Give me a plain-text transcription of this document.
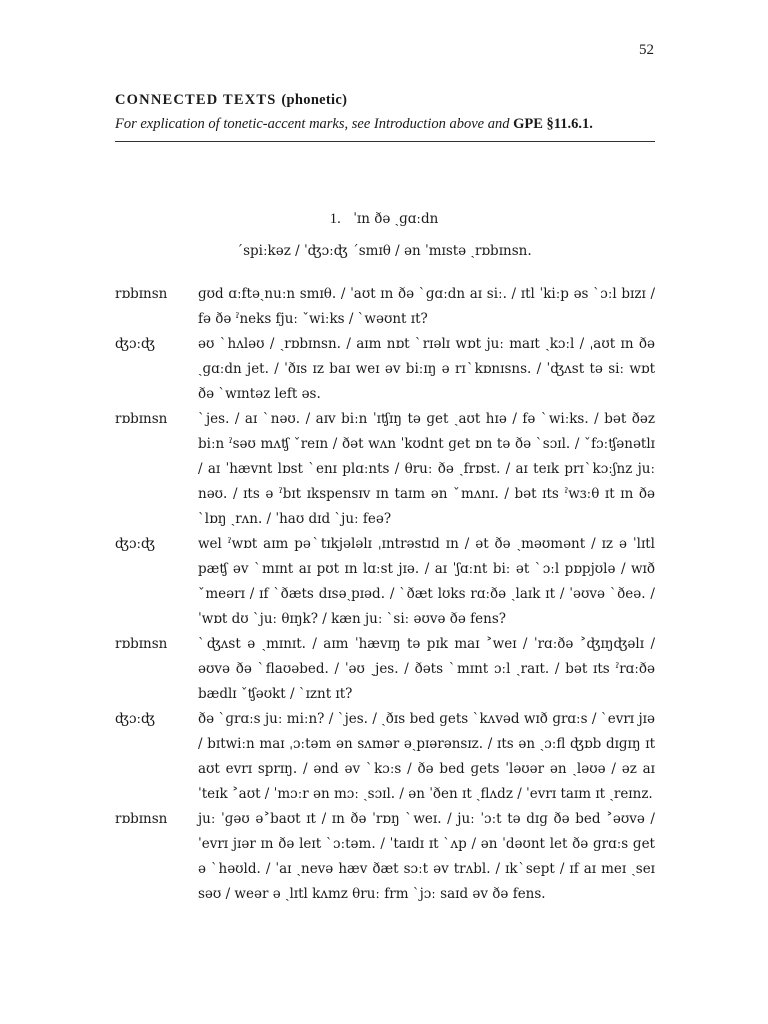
52
CONNECTED TEXTS (phonetic)
For explication of tonetic-accent marks, see Introduction above and GPE §11.6.1.
1. ˈɪn ðə ˏɡɑːdn
ˊspiːkəz / ˈʤɔːʤ ˊsmɪθ / ən ˈmɪstə ˏrɒbɪnsn.
rɒbɪnsn	ɡʊd ɑːftəˏnuːn smɪθ. / ˈaʊt ɪn ðə ˋɡɑːdn aɪ siː. / ɪtl ˈkiːp əs ˋɔːl bɪzɪ / fə ðə ˀneks fjuː ˇwiːks / ˋwəʊnt ɪt?
ʤɔːʤ	əʊ ˋhʌləʊ / ˏrɒbɪnsn. / aɪm nɒt ˋrɪəlɪ wɒt juː maɪt ˏkɔːl / ˌaʊt ɪn ðə ˏɡɑːdn jet. / ˈðɪs ɪz baɪ weɪ əv biːɪŋ ə rɪˋkɒnɪsns. / ˈʤʌst tə siː wɒt ðə ˋwɪntəz left əs.
rɒbɪnsn	ˋjes. / aɪ ˋnəʊ. / aɪv biːn ˈɪʧɪŋ tə ɡet ˏaʊt hɪə / fə ˋwiːks. / bət ðəz biːn ˀsəʊ mʌʧ ˇreɪn / ðət wʌn ˈkʊdnt ɡet ɒn tə ðə ˋsɔɪl. / ˇfɔːʧənətlɪ / aɪ ˈhævnt lɒst ˋenɪ plɑːnts / θruː ðə ˏfrɒst. / aɪ teɪk prɪˋkɔːʃnz juː nəʊ. / ɪts ə ˀbɪt ɪkspensɪv ɪn taɪm ən ˇmʌnɪ. / bət ɪts ˀwɜːθ ɪt ɪn ðə ˋlɒŋ ˏrʌn. / ˈhaʊ dɪd ˋjuː feə?
ʤɔːʤ	wel ˀwɒt aɪm pəˋtɪkjələlɪ ˌɪntrəstɪd ɪn / ət ðə ˏməʊmənt / ɪz ə ˈlɪtl pæʧ əv ˋmɪnt aɪ pʊt ɪn lɑːst jɪə. / aɪ ˈʃɑːnt biː ət ˋɔːl pɒpjʊlə / wɪð ˇmeərɪ / ɪf ˋðæts dɪsəˏpɪəd. / ˋðæt lʊks rɑːðə ˏlaɪk ɪt / ˈəʊvə ˋðeə. / ˈwɒt dʊ ˋjuː θɪŋk? / kæn juː ˋsiː əʊvə ðə fens?
rɒbɪnsn	ˋʤʌst ə ˏmɪnɪt. / aɪm ˈhævɪŋ tə pɪk maɪ ˃weɪ / ˈrɑːðə ˃ʤɪŋʤəlɪ / əʊvə ðə ˋflaʊəbed. / ˈəʊ ˏjes. / ðəts ˋmɪnt ɔːl ˏraɪt. / bət ɪts ˀrɑːðə bædlɪ ˇʧəʊkt / ˋɪznt ɪt?
ʤɔːʤ	ðə ˋɡrɑːs juː miːn? / ˋjes. / ˏðɪs bed ɡets ˋkʌvəd wɪð ɡrɑːs / ˋevrɪ jɪə / bɪtwiːn maɪ ˌɔːtəm ən sʌmər əˏpɪərənsɪz. / ɪts ən ˏɔːfl ʤɒb dɪɡɪŋ ɪt aʊt evrɪ sprɪŋ. / ənd əv ˋkɔːs / ðə bed ɡets ˈləʊər ən ˏləʊə / əz aɪ ˈteɪk ˃aʊt / ˈmɔːr ən mɔː ˏsɔɪl. / ən ˈðen ɪt ˏflʌdz / ˈevrɪ taɪm ɪt ˏreɪnz.
rɒbɪnsn	juː ˈɡəʊ ə˃baʊt ɪt / ɪn ðə ˈrɒŋ ˋweɪ. / juː ˈɔːt tə dɪɡ ðə bed ˃əʊvə / ˈevrɪ jɪər ɪn ðə leɪt ˋɔːtəm. / ˈtaɪdɪ ɪt ˋʌp / ən ˈdəʊnt let ðə ɡrɑːs ɡet ə ˋhəʊld. / ˈaɪ ˏnevə hæv ðæt sɔːt əv trʌbl. / ɪkˋsept / ɪf aɪ meɪ ˏseɪ səʊ / weər ə ˏlɪtl kʌmz θruː frm ˋjɔː saɪd əv ðə fens.
